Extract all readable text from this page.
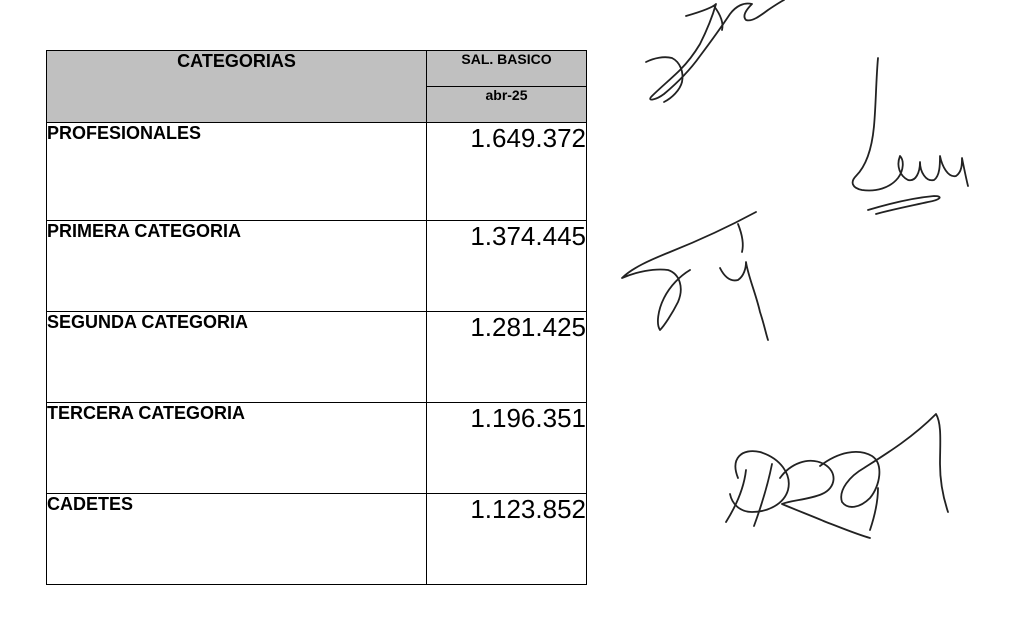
CATEGORIAS	SAL. BASICO
	abr-25
PROFESIONALES	1.649.372
PRIMERA CATEGORIA	1.374.445
SEGUNDA CATEGORIA	1.281.425
TERCERA CATEGORIA	1.196.351
CADETES	1.123.852
